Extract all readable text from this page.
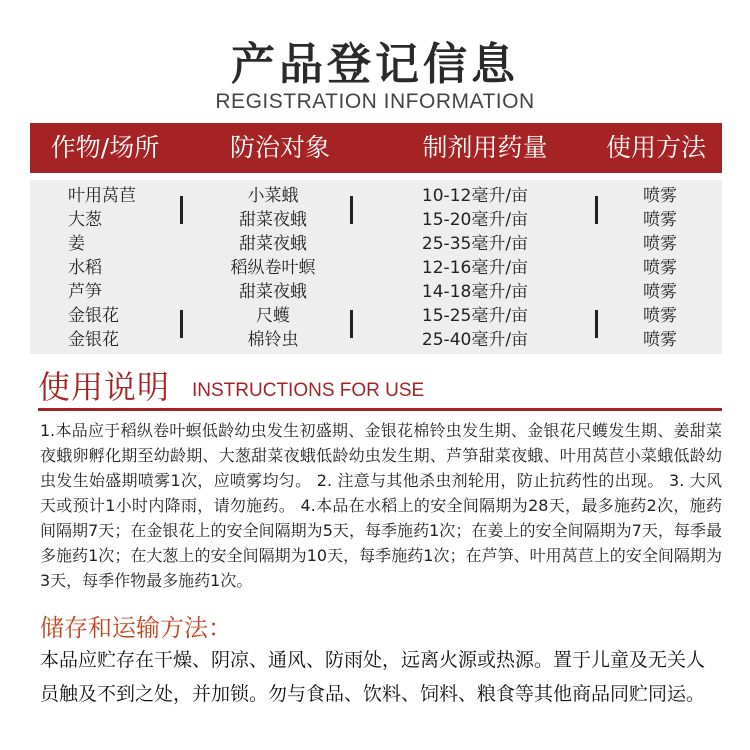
产品登记信息
REGISTRATION INFORMATION
作物/场所	防治对象	制剂用药量	使用方法
叶用莴苣	小菜蛾	10-12毫升/亩	喷雾
大葱	甜菜夜蛾	15-20毫升/亩	喷雾
姜	甜菜夜蛾	25-35毫升/亩	喷雾
水稻	稻纵卷叶螟	12-16毫升/亩	喷雾
芦笋	甜菜夜蛾	14-18毫升/亩	喷雾
金银花	尺蠖	15-25毫升/亩	喷雾
金银花	棉铃虫	25-40毫升/亩	喷雾
使用说明 INSTRUCTIONS FOR USE
1.本品应于稻纵卷叶螟低龄幼虫发生初盛期、金银花棉铃虫发生期、金银花尺蠖发生期、姜甜菜夜蛾卵孵化期至幼龄期、大葱甜菜夜蛾低龄幼虫发生期、芦笋甜菜夜蛾、叶用莴苣小菜蛾低龄幼虫发生始盛期喷雾1次，应喷雾均匀。 2. 注意与其他杀虫剂轮用，防止抗药性的出现。 3. 大风天或预计1小时内降雨，请勿施药。 4.本品在水稻上的安全间隔期为28天，最多施药2次，施药间隔期7天；在金银花上的安全间隔期为5天，每季施药1次；在姜上的安全间隔期为7天，每季最多施药1次；在大葱上的安全间隔期为10天，每季施药1次；在芦笋、叶用莴苣上的安全间隔期为3天，每季作物最多施药1次。
储存和运输方法：
本品应贮存在干燥、阴凉、通风、防雨处，远离火源或热源。置于儿童及无关人员触及不到之处，并加锁。勿与食品、饮料、饲料、粮食等其他商品同贮同运。
